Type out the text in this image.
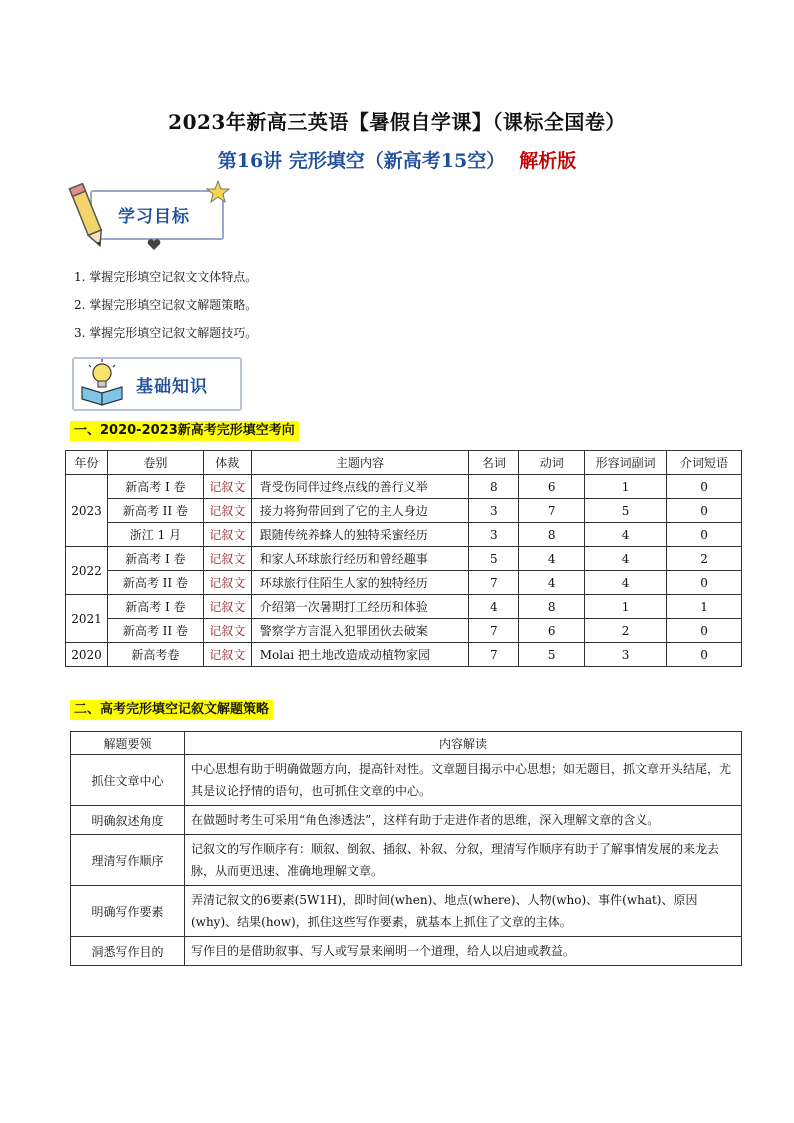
2023年新高三英语【暑假自学课】（课标全国卷）
第16讲 完形填空（新高考15空） 解析版
学习目标
1. 掌握完形填空记叙文文体特点。
2. 掌握完形填空记叙文解题策略。
3. 掌握完形填空记叙文解题技巧。
基础知识
一、2020-2023新高考完形填空考向
年份	卷别	体裁	主题内容	名词	动词	形容词副词	介词短语
2023	新高考 I 卷	记叙文	背受伤同伴过终点线的善行义举	8	6	1	0
	新高考 II 卷	记叙文	接力将狗带回到了它的主人身边	3	7	5	0
	浙江 1 月	记叙文	跟随传统养蜂人的独特采蜜经历	3	8	4	0
2022	新高考 I 卷	记叙文	和家人环球旅行经历和曾经趣事	5	4	4	2
	新高考 II 卷	记叙文	环球旅行住陌生人家的独特经历	7	4	4	0
2021	新高考 I 卷	记叙文	介绍第一次暑期打工经历和体验	4	8	1	1
	新高考 II 卷	记叙文	警察学方言混入犯罪团伙去破案	7	6	2	0
2020	新高考卷	记叙文	Molai 把土地改造成动植物家园	7	5	3	0
二、高考完形填空记叙文解题策略
解题要领	内容解读
抓住文章中心	中心思想有助于明确做题方向，提高针对性。文章题目揭示中心思想；如无题目，抓文章开头结尾，尤其是议论抒情的语句，也可抓住文章的中心。
明确叙述角度	在做题时考生可采用“角色渗透法”，这样有助于走进作者的思维，深入理解文章的含义。
理清写作顺序	记叙文的写作顺序有：顺叙、倒叙、插叙、补叙、分叙，理清写作顺序有助于了解事情发展的来龙去脉，从而更迅速、准确地理解文章。
明确写作要素	弄清记叙文的6要素(5W1H)，即时间(when)、地点(where)、人物(who)、事件(what)、原因(why)、结果(how)，抓住这些写作要素，就基本上抓住了文章的主体。
洞悉写作目的	写作目的是借助叙事、写人或写景来阐明一个道理，给人以启迪或教益。
